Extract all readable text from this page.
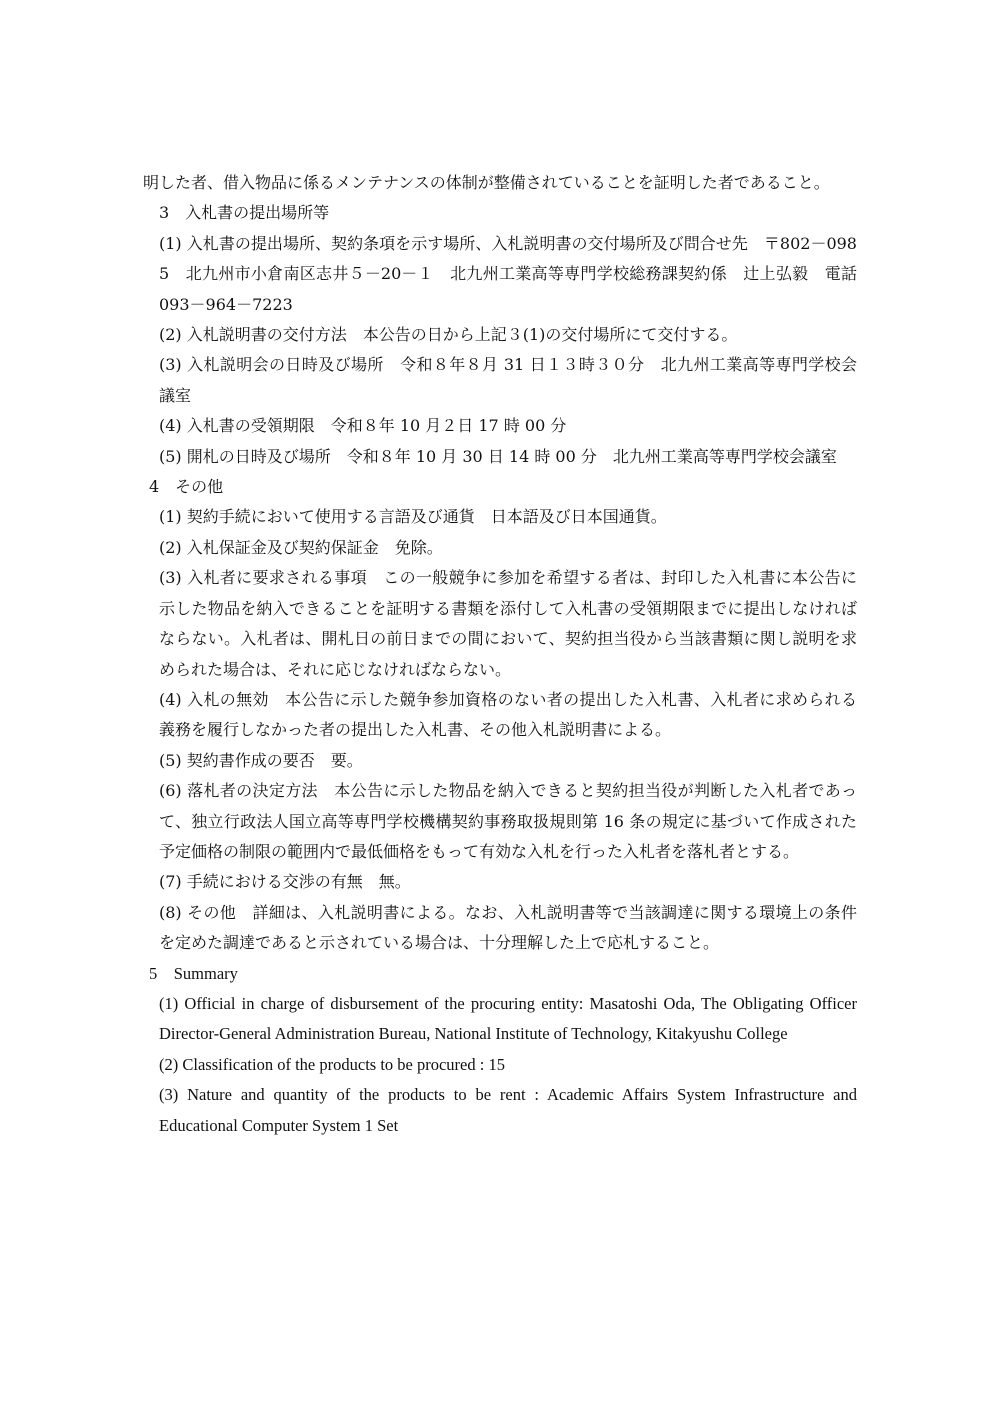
明した者、借入物品に係るメンテナンスの体制が整備されていることを証明した者であること。

3　入札書の提出場所等

(1) 入札書の提出場所、契約条項を示す場所、入札説明書の交付場所及び問合せ先　〒802－0985　北九州市小倉南区志井５－20－１　北九州工業高等専門学校総務課契約係　辻上弘毅　電話 093－964－7223

(2) 入札説明書の交付方法　本公告の日から上記３(1)の交付場所にて交付する。

(3) 入札説明会の日時及び場所　令和８年８月 31 日１３時３０分　北九州工業高等専門学校会議室

(4) 入札書の受領期限　令和８年 10 月２日 17 時 00 分

(5) 開札の日時及び場所　令和８年 10 月 30 日 14 時 00 分　北九州工業高等専門学校会議室

4　その他

(1) 契約手続において使用する言語及び通貨　日本語及び日本国通貨。

(2) 入札保証金及び契約保証金　免除。

(3) 入札者に要求される事項　この一般競争に参加を希望する者は、封印した入札書に本公告に示した物品を納入できることを証明する書類を添付して入札書の受領期限までに提出しなければならない。入札者は、開札日の前日までの間において、契約担当役から当該書類に関し説明を求められた場合は、それに応じなければならない。

(4) 入札の無効　本公告に示した競争参加資格のない者の提出した入札書、入札者に求められる義務を履行しなかった者の提出した入札書、その他入札説明書による。

(5) 契約書作成の要否　要。

(6) 落札者の決定方法　本公告に示した物品を納入できると契約担当役が判断した入札者であって、独立行政法人国立高等専門学校機構契約事務取扱規則第 16 条の規定に基づいて作成された予定価格の制限の範囲内で最低価格をもって有効な入札を行った入札者を落札者とする。

(7) 手続における交渉の有無　無。

(8) その他　詳細は、入札説明書による。なお、入札説明書等で当該調達に関する環境上の条件を定めた調達であると示されている場合は、十分理解した上で応札すること。

5　Summary

(1) Official in charge of disbursement of the procuring entity: Masatoshi Oda, The Obligating Officer Director-General Administration Bureau, National Institute of Technology, Kitakyushu College

(2) Classification of the products to be procured : 15

(3) Nature and quantity of the products to be rent : Academic Affairs System Infrastructure and Educational Computer System 1 Set
